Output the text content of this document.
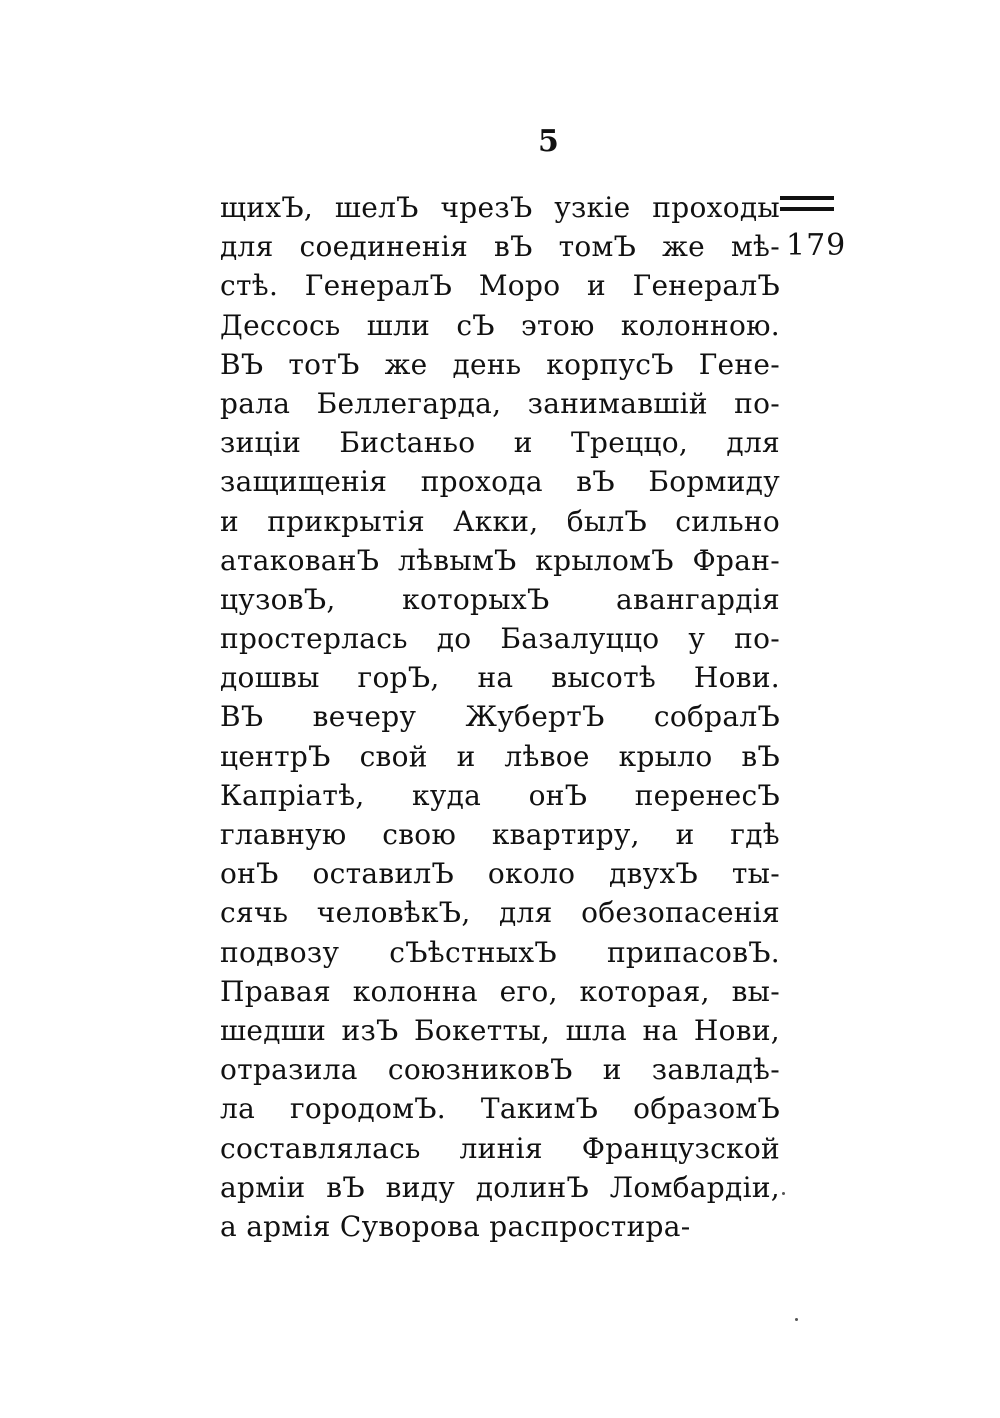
5
179
щихЪ, шелЪ чрезЪ узкіе проходы
для соединенія вЪ томЪ же мѣ-
стѣ. ГенералЪ Моро и ГенералЪ
Дессось шли сЪ этою колонною.
ВЪ тотЪ же день корпусЪ Гене-
рала Беллегарда, занимавшій по-
зиціи Бисtаньо и Треццо, для
защищенія прохода вЪ Бормиду
и прикрытія Акки, былЪ сильно
атакованЪ лѣвымЪ крыломЪ Фран-
цузовЪ, которыхЪ авангардія
простерлась до Базалуццо у по-
дошвы горЪ, на высотѣ Нови.
ВЪ вечеру ЖубертЪ собралЪ
центрЪ свой и лѣвое крыло вЪ
Капріатѣ, куда онЪ перенесЪ
главную свою квартиру, и гдѣ
онЪ оставилЪ около двухЪ ты-
сячь человѣкЪ, для обезопасенія
подвозу сЪѣстныхЪ припасовЪ.
Правая колонна его, которая, вы-
шедши изЪ Бокетты, шла на Нови,
отразила союзниковЪ и завладѣ-
ла городомЪ. ТакимЪ образомЪ
составлялась линія Французской
арміи вЪ виду долинЪ Ломбардіи,
а армія Суворова распростира-
